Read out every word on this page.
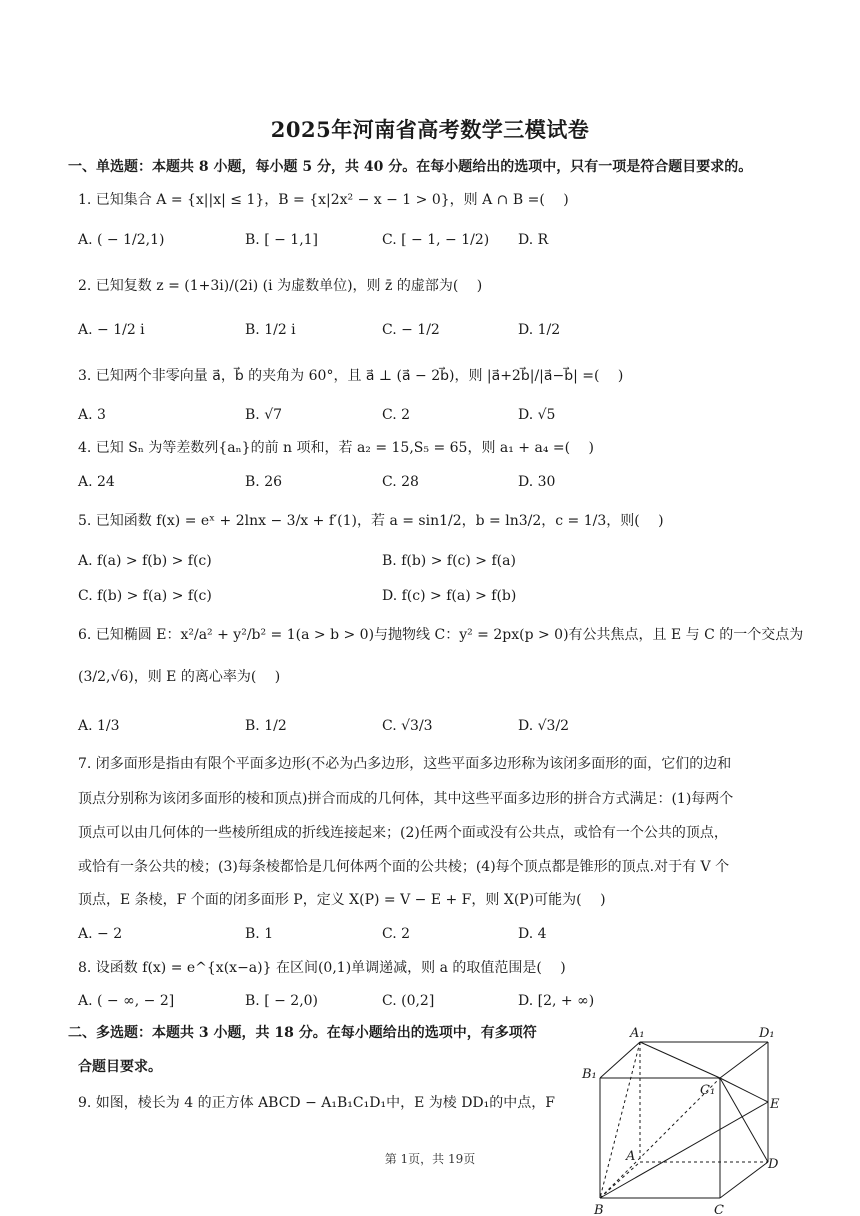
2025年河南省高考数学三模试卷
一、单选题：本题共 8 小题，每小题 5 分，共 40 分。在每小题给出的选项中，只有一项是符合题目要求的。
1. 已知集合 A = {x||x| ≤ 1}，B = {x|2x² − x − 1 > 0}，则 A ∩ B =(　 )
A. ( − 1/2,1)	B. [ − 1,1]	C. [ − 1, − 1/2) D. R
2. 已知复数 z = (1+3i)/(2i) (i 为虚数单位)，则 z̄ 的虚部为(　 )
A. − 1/2 i	B. 1/2 i	C. − 1/2	D. 1/2
3. 已知两个非零向量 a⃗，b⃗ 的夹角为 60°，且 a⃗ ⊥ (a⃗ − 2b⃗)，则 |a⃗+2b⃗|/|a⃗−b⃗| =(　 )
A. 3	B. √7	C. 2	D. √5
4. 已知 Sₙ 为等差数列{aₙ}的前 n 项和，若 a₂ = 15,S₅ = 65，则 a₁ + a₄ =(　 )
A. 24	B. 26	C. 28	D. 30
5. 已知函数 f(x) = eˣ + 2lnx − 3/x + f′(1)，若 a = sin1/2，b = ln3/2，c = 1/3，则(　 )
A. f(a) > f(b) > f(c)	B. f(b) > f(c) > f(a)
C. f(b) > f(a) > f(c)	D. f(c) > f(a) > f(b)
6. 已知椭圆 E：x²/a² + y²/b² = 1(a > b > 0)与抛物线 C：y² = 2px(p > 0)有公共焦点，且 E 与 C 的一个交点为
(3/2,√6)，则 E 的离心率为(　 )
A. 1/3	B. 1/2	C. √3/3	D. √3/2
7. 闭多面形是指由有限个平面多边形(不必为凸多边形，这些平面多边形称为该闭多面形的面，它们的边和
顶点分别称为该闭多面形的棱和顶点)拼合而成的几何体，其中这些平面多边形的拼合方式满足：(1)每两个
顶点可以由几何体的一些棱所组成的折线连接起来；(2)任两个面或没有公共点，或恰有一个公共的顶点，
或恰有一条公共的棱；(3)每条棱都恰是几何体两个面的公共棱；(4)每个顶点都是锥形的顶点.对于有 V 个
顶点，E 条棱，F 个面的闭多面形 P，定义 X(P) = V − E + F，则 X(P)可能为(　 )
A. − 2	B. 1	C. 2	D. 4
8. 设函数 f(x) = e^{x(x−a)} 在区间(0,1)单调递减，则 a 的取值范围是(　 )
A. ( − ∞, − 2]	B. [ − 2,0)	C. (0,2]	D. [2, + ∞)
二、多选题：本题共 3 小题，共 18 分。在每小题给出的选项中，有多项符
合题目要求。
9. 如图，棱长为 4 的正方体 ABCD − A₁B₁C₁D₁中，E 为棱 DD₁的中点，F
A₁	D₁
B₁
C₁
E
A
D
B	C
第 1页，共 19页
